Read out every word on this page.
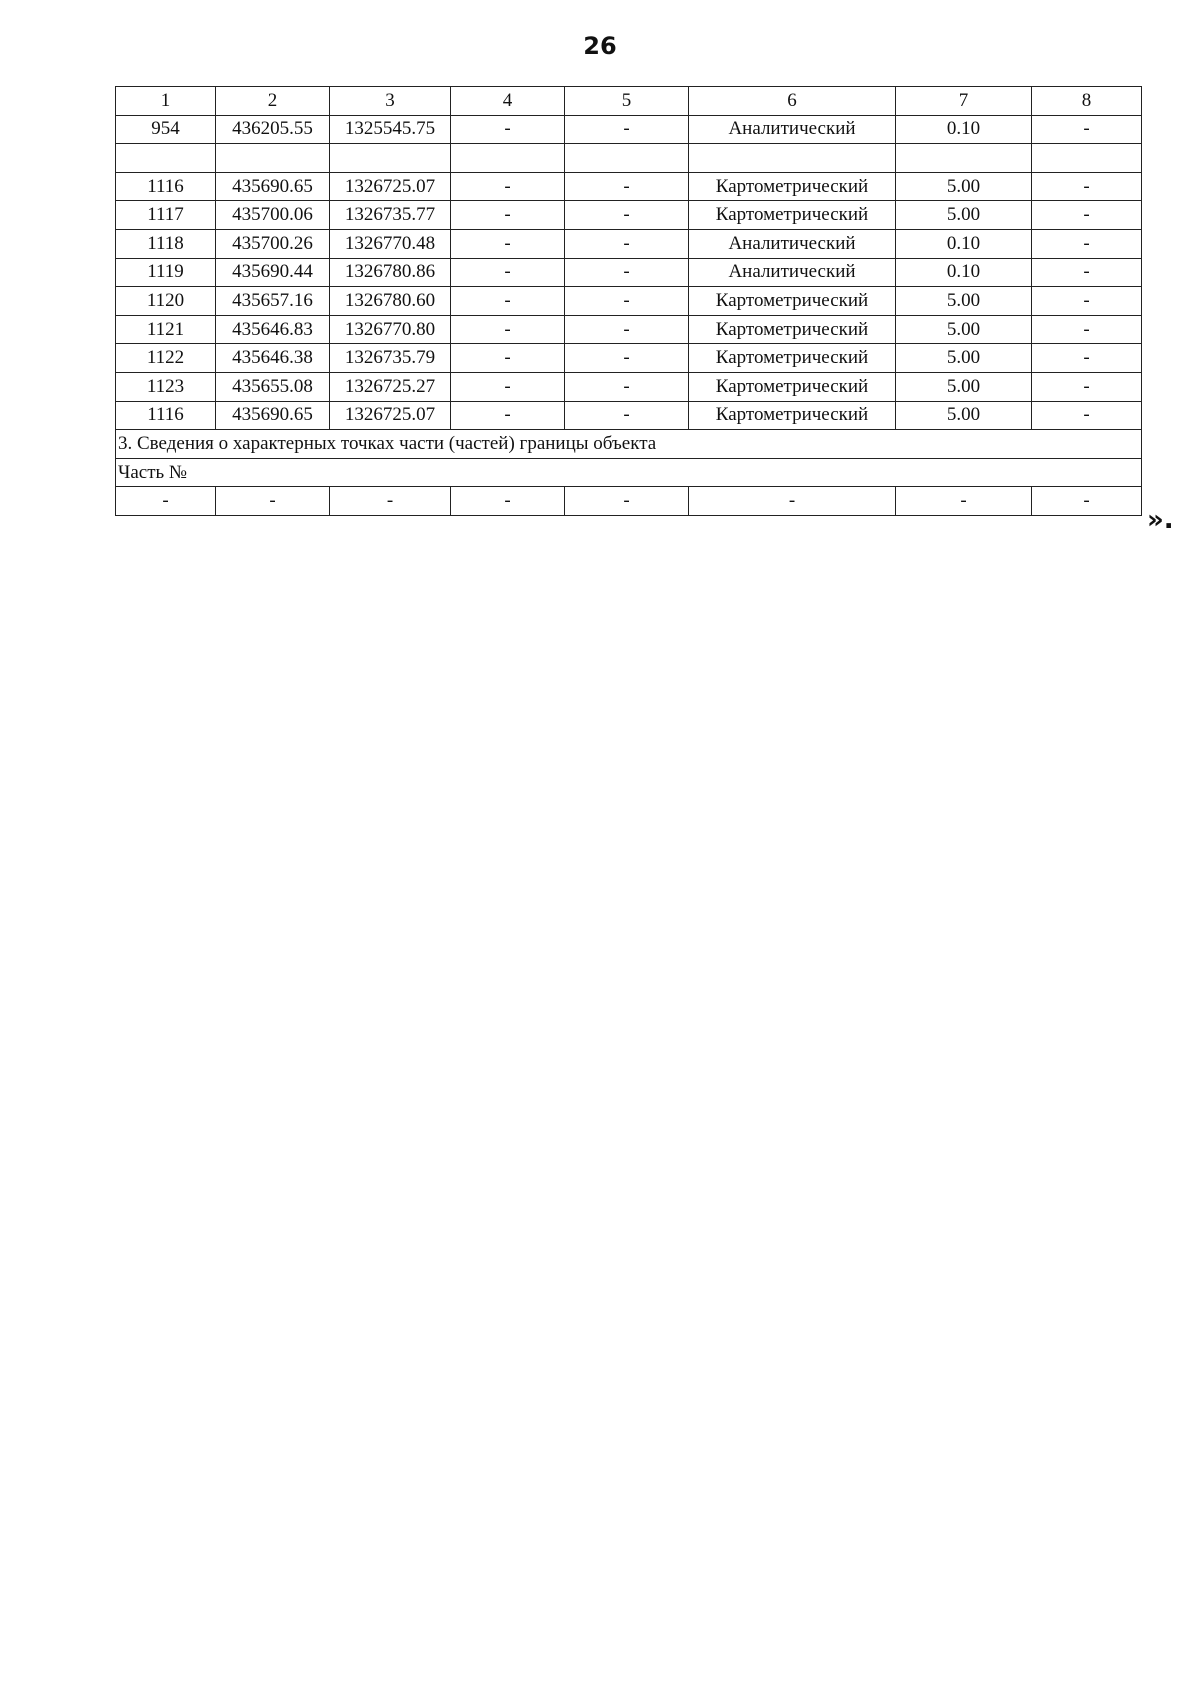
26
1	2	3	4	5	6	7	8
954	436205.55	1325545.75	-	-	Аналитический	0.10	-

1116	435690.65	1326725.07	-	-	Картометрический	5.00	-
1117	435700.06	1326735.77	-	-	Картометрический	5.00	-
1118	435700.26	1326770.48	-	-	Аналитический	0.10	-
1119	435690.44	1326780.86	-	-	Аналитический	0.10	-
1120	435657.16	1326780.60	-	-	Картометрический	5.00	-
1121	435646.83	1326770.80	-	-	Картометрический	5.00	-
1122	435646.38	1326735.79	-	-	Картометрический	5.00	-
1123	435655.08	1326725.27	-	-	Картометрический	5.00	-
1116	435690.65	1326725.07	-	-	Картометрический	5.00	-
3. Сведения о характерных точках части (частей) границы объекта							
Часть №							
-	-	-	-	-	-	-	-
».
